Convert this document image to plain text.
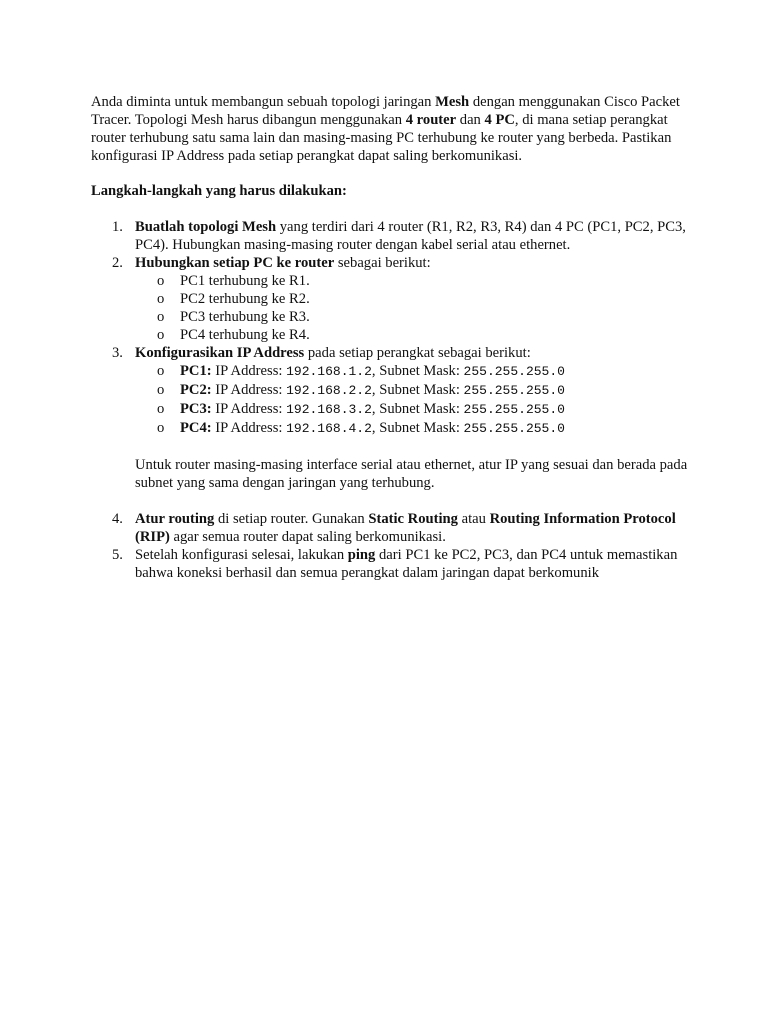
Anda diminta untuk membangun sebuah topologi jaringan Mesh dengan menggunakan Cisco Packet Tracer. Topologi Mesh harus dibangun menggunakan 4 router dan 4 PC, di mana setiap perangkat router terhubung satu sama lain dan masing-masing PC terhubung ke router yang berbeda. Pastikan konfigurasi IP Address pada setiap perangkat dapat saling berkomunikasi.

Langkah-langkah yang harus dilakukan:

1. Buatlah topologi Mesh yang terdiri dari 4 router (R1, R2, R3, R4) dan 4 PC (PC1, PC2, PC3, PC4). Hubungkan masing-masing router dengan kabel serial atau ethernet.
2. Hubungkan setiap PC ke router sebagai berikut:
o PC1 terhubung ke R1.
o PC2 terhubung ke R2.
o PC3 terhubung ke R3.
o PC4 terhubung ke R4.
3. Konfigurasikan IP Address pada setiap perangkat sebagai berikut:
o PC1: IP Address: 192.168.1.2, Subnet Mask: 255.255.255.0
o PC2: IP Address: 192.168.2.2, Subnet Mask: 255.255.255.0
o PC3: IP Address: 192.168.3.2, Subnet Mask: 255.255.255.0
o PC4: IP Address: 192.168.4.2, Subnet Mask: 255.255.255.0

Untuk router masing-masing interface serial atau ethernet, atur IP yang sesuai dan berada pada subnet yang sama dengan jaringan yang terhubung.

4. Atur routing di setiap router. Gunakan Static Routing atau Routing Information Protocol (RIP) agar semua router dapat saling berkomunikasi.
5. Setelah konfigurasi selesai, lakukan ping dari PC1 ke PC2, PC3, dan PC4 untuk memastikan bahwa koneksi berhasil dan semua perangkat dalam jaringan dapat berkomunik
